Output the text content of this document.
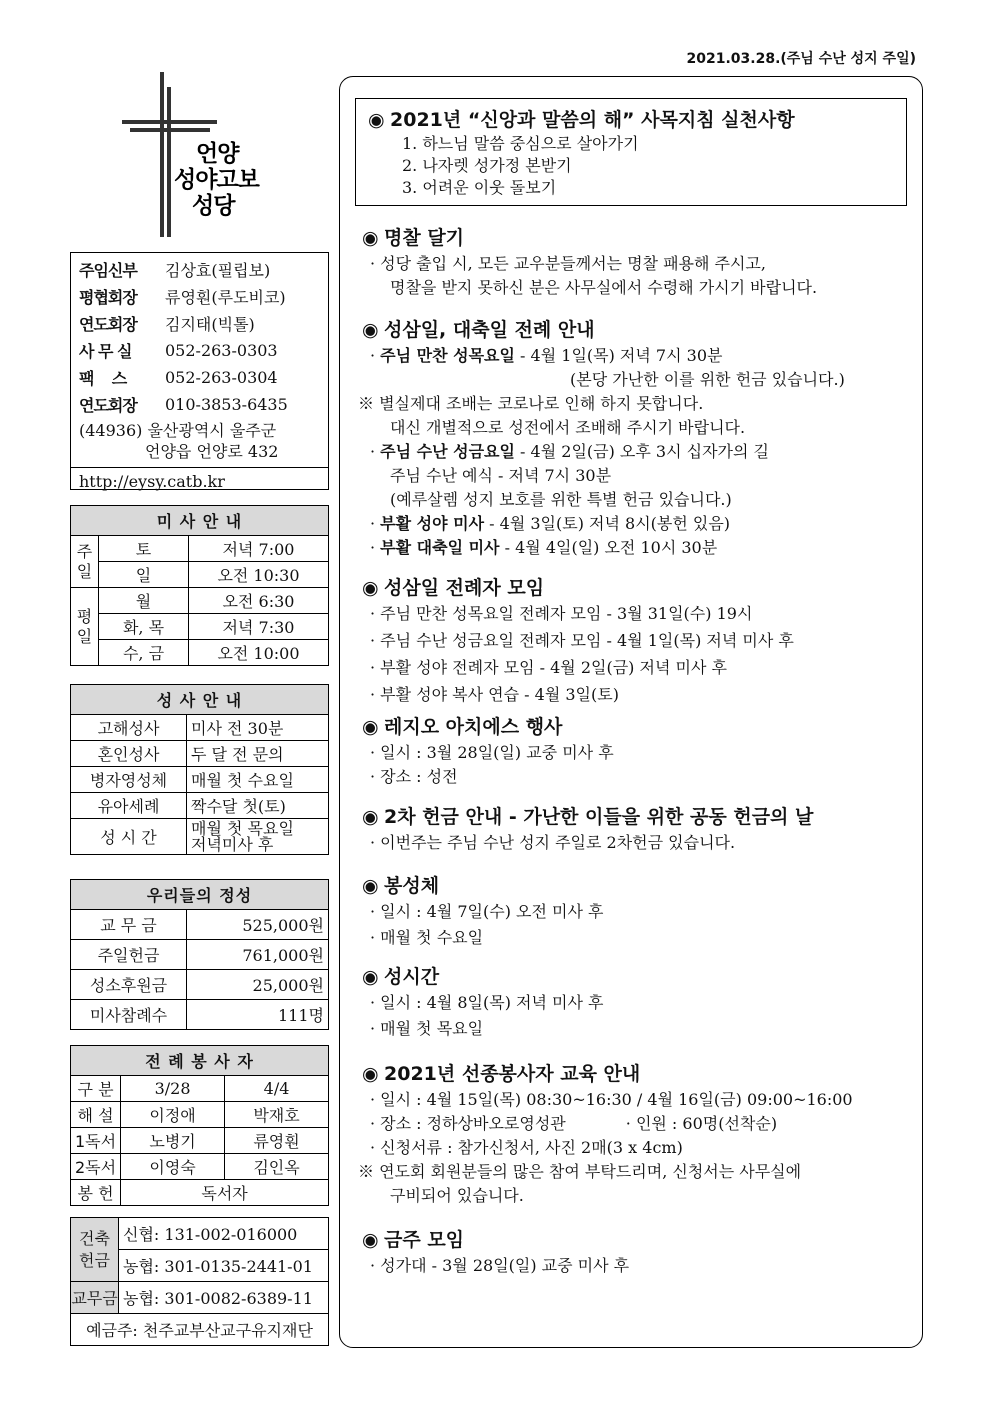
2021.03.28.(주님 수난 성지 주일)
언양
성야고보
성당
주임신부	김상효(필립보)
평협회장	류영훤(루도비코)
연도회장	김지태(빅톨)
사 무 실	052-263-0303
팩    스	052-263-0304
연도회장	010-3853-6435
(44936) 울산광역시 울주군
언양읍 언양로 432
http://eysy.catb.kr
미 사 안 내		
주일	토	저녁 7:00
	일	오전 10:30
평일	월	오전 6:30
	화, 목	저녁 7:30
	수, 금	오전 10:00
성 사 안 내	
고해성사	미사 전 30분
혼인성사	두 달 전 문의
병자영성체	매월 첫 수요일
유아세례	짝수달 첫(토)
성 시 간	매월 첫 목요일
저녁미사 후
우리들의 정성	
교 무 금	525,000원
주일헌금	761,000원
성소후원금	25,000원
미사참례수	111명
전 례 봉 사 자		
구 분	3/28	4/4
해 설	이정애	박재호
1독서	노병기	류영훤
2독서	이영숙	김인옥
봉 헌	독서자	
건축헌금	신협: 131-002-016000
	농협: 301-0135-2441-01
교무금	농협: 301-0082-6389-11
예금주: 천주교부산교구유지재단	
◉ 2021년 “신앙과 말씀의 해” 사목지침 실천사항
1. 하느님 말씀 중심으로 살아가기
2. 나자렛 성가정 본받기
3. 어려운 이웃 돌보기
◉ 명찰 달기
· 성당 출입 시, 모든 교우분들께서는 명찰 패용해 주시고,
명찰을 받지 못하신 분은 사무실에서 수령해 가시기 바랍니다.
◉ 성삼일, 대축일 전례 안내
· 주님 만찬 성목요일 - 4월 1일(목) 저녁 7시 30분
(본당 가난한 이를 위한 헌금 있습니다.)
※ 별실제대 조배는 코로나로 인해 하지 못합니다.
대신 개별적으로 성전에서 조배해 주시기 바랍니다.
· 주님 수난 성금요일 - 4월 2일(금) 오후 3시 십자가의 길
주님 수난 예식 - 저녁 7시 30분
(예루살렘 성지 보호를 위한 특별 헌금 있습니다.)
· 부활 성야 미사 - 4월 3일(토) 저녁 8시(봉헌 있음)
· 부활 대축일 미사 - 4월 4일(일) 오전 10시 30분
◉ 성삼일 전례자 모임
· 주님 만찬 성목요일 전례자 모임 - 3월 31일(수) 19시
· 주님 수난 성금요일 전례자 모임 - 4월 1일(목) 저녁 미사 후
· 부활 성야 전례자 모임 - 4월 2일(금) 저녁 미사 후
· 부활 성야 복사 연습 - 4월 3일(토)
◉ 레지오 아치에스 행사
· 일시 : 3월 28일(일) 교중 미사 후
· 장소 : 성전
◉ 2차 헌금 안내 - 가난한 이들을 위한 공동 헌금의 날
· 이번주는 주님 수난 성지 주일로 2차헌금 있습니다.
◉ 봉성체
· 일시 : 4월 7일(수) 오전 미사 후
· 매월 첫 수요일
◉ 성시간
· 일시 : 4월 8일(목) 저녁 미사 후
· 매월 첫 목요일
◉ 2021년 선종봉사자 교육 안내
· 일시 : 4월 15일(목) 08:30~16:30 / 4월 16일(금) 09:00~16:00
· 장소 : 정하상바오로영성관	· 인원 : 60명(선착순)
· 신청서류 : 참가신청서, 사진 2매(3 x 4cm)
※ 연도회 회원분들의 많은 참여 부탁드리며, 신청서는 사무실에
구비되어 있습니다.
◉ 금주 모임
· 성가대 - 3월 28일(일) 교중 미사 후
